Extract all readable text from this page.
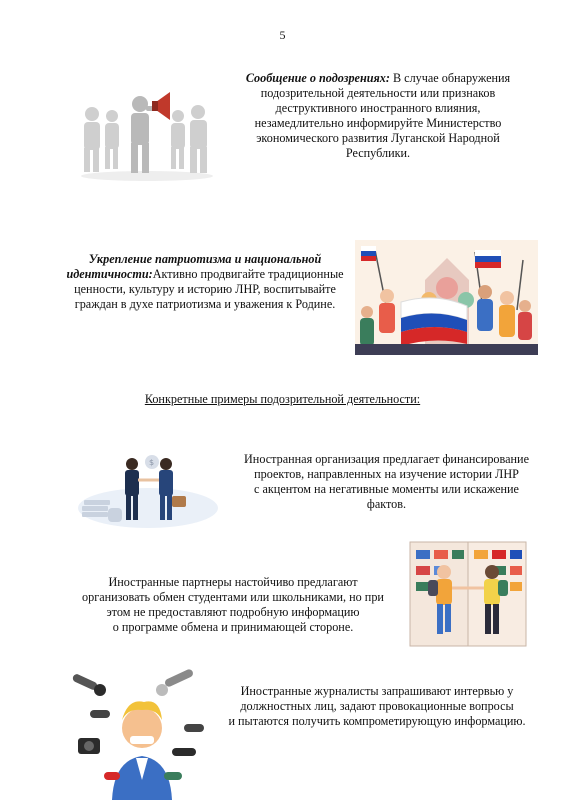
5
Сообщение о подозрениях: В случае обнаружения
подозрительной деятельности или признаков
деструктивного иностранного влияния,
незамедлительно информируйте Министерство
экономического развития Луганской Народной
Республики.
Укрепление патриотизма и национальной
идентичности:Активно продвигайте традиционные
ценности, культуру и историю ЛНР, воспитывайте
граждан в духе патриотизма и уважения к Родине.
Конкретные примеры подозрительной деятельности:
$	Иностранная организация предлагает финансирование
проектов, направленных на изучение истории ЛНР
с акцентом на негативные моменты или искажение
фактов.
Иностранные партнеры настойчиво предлагают
организовать обмен студентами или школьниками, но при
этом не предоставляют подробную информацию
о программе обмена и принимающей стороне.
Иностранные журналисты запрашивают интервью у
должностных лиц, задают провокационные вопросы
и пытаются получить компрометирующую информацию.
